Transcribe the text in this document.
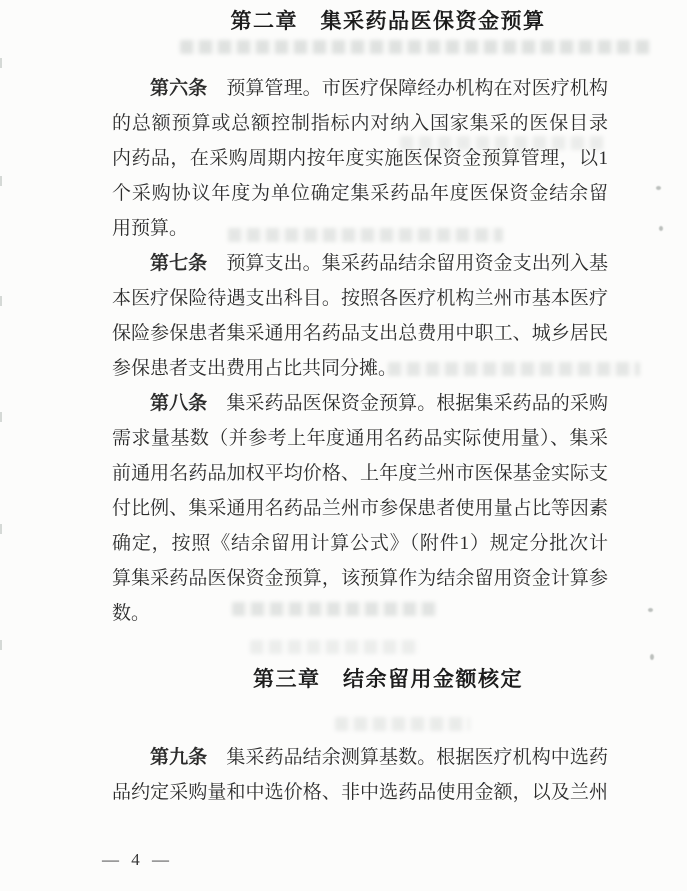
第二章　集采药品医保资金预算
第六条　预算管理。市医疗保障经办机构在对医疗机构
的总额预算或总额控制指标内对纳入国家集采的医保目录
内药品，在采购周期内按年度实施医保资金预算管理，以1
个采购协议年度为单位确定集采药品年度医保资金结余留
用预算。
第七条　预算支出。集采药品结余留用资金支出列入基
本医疗保险待遇支出科目。按照各医疗机构兰州市基本医疗
保险参保患者集采通用名药品支出总费用中职工、城乡居民
参保患者支出费用占比共同分摊。
第八条　集采药品医保资金预算。根据集采药品的采购
需求量基数（并参考上年度通用名药品实际使用量）、集采
前通用名药品加权平均价格、上年度兰州市医保基金实际支
付比例、集采通用名药品兰州市参保患者使用量占比等因素
确定，按照《结余留用计算公式》（附件1）规定分批次计
算集采药品医保资金预算，该预算作为结余留用资金计算参
数。
第三章　结余留用金额核定
第九条　集采药品结余测算基数。根据医疗机构中选药
品约定采购量和中选价格、非中选药品使用金额，以及兰州
— 4 —
